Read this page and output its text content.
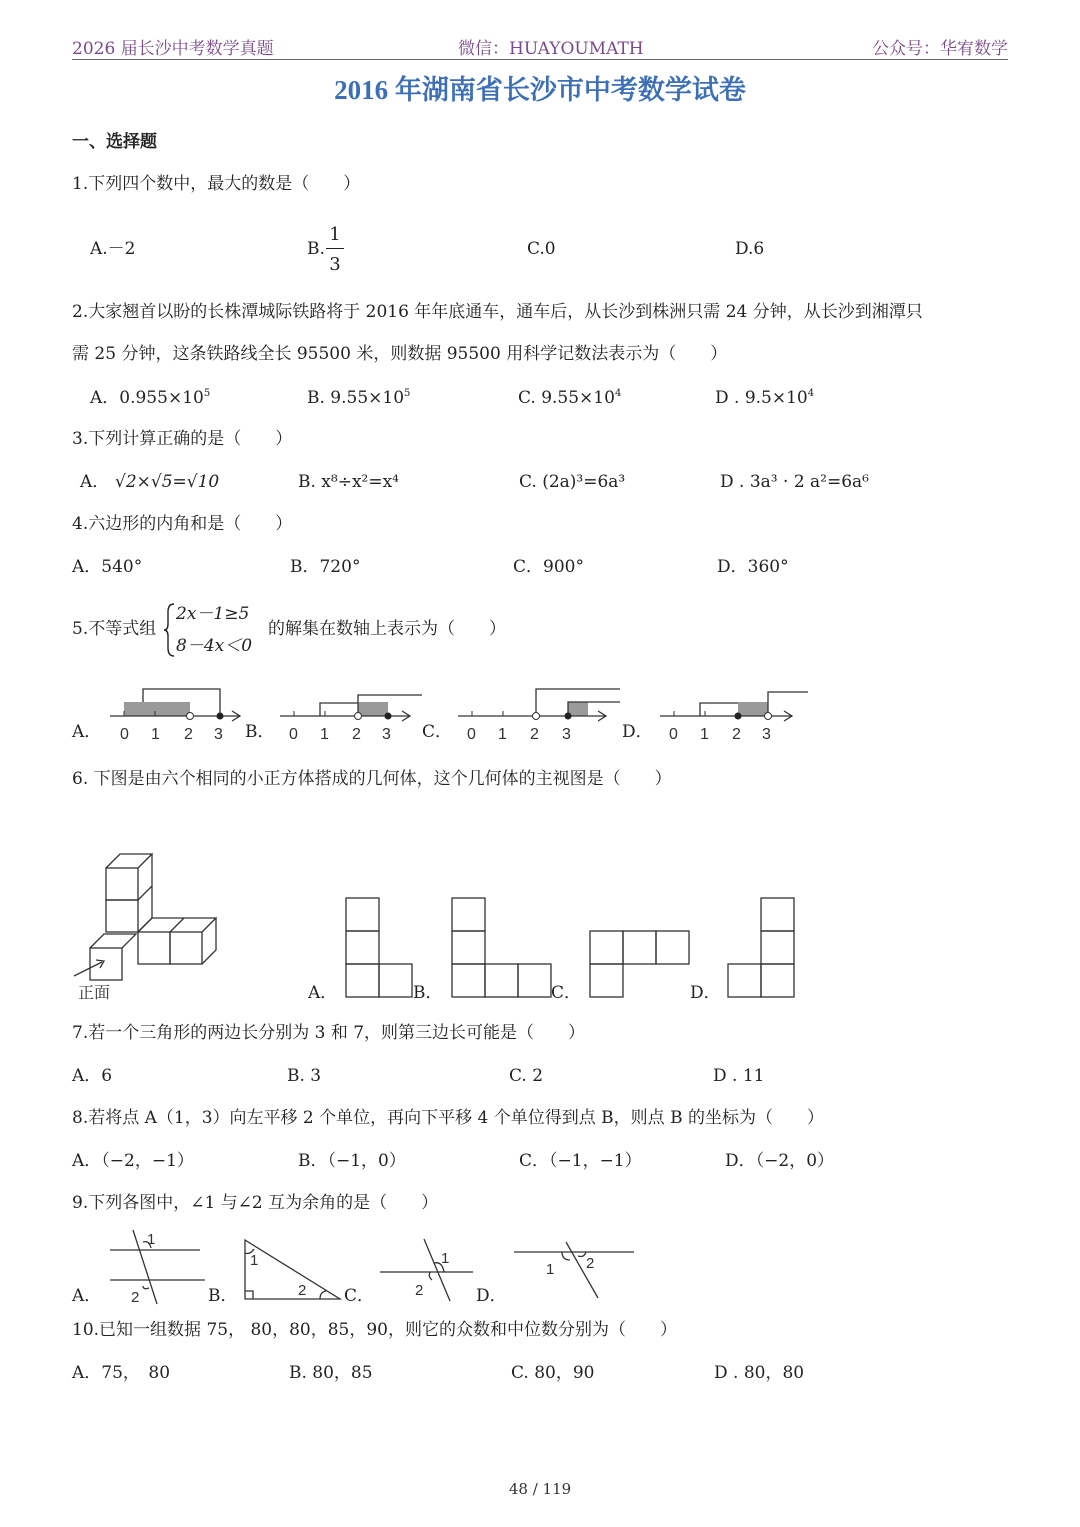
2026 届长沙中考数学真题	微信：HUAYOUMATH	公众号：华宥数学
2016 年湖南省长沙市中考数学试卷
一、选择题
1.下列四个数中，最大的数是（　　）
A.－2	B.
1
3
C.0	D.6
2.大家翘首以盼的长株潭城际铁路将于 2016 年年底通车，通车后，从长沙到株洲只需 24 分钟，从长沙到湘潭只
需 25 分钟，这条铁路线全长 95500 米，则数据 95500 用科学记数法表示为（　　）
A．$0.955\times 10^5$	B. $9.55\times 10^5$	C. $9.55\times 10^4$	D . $9.5\times 10^4$
3.下列计算正确的是（　　）
A． √2×√5=√10	B. x⁸÷x²=x⁴	C. (2a)³=6a³	D . 3a³ · 2 a²=6a⁶
4.六边形的内角和是（　　）
A．540°	B．720°	C．900°	D．360°
5.不等式组
2x－1≥5
8－4x＜0
的解集在数轴上表示为（　　）
A．	B．	C．	D．
0 1 2 3	0 1 2 3	0 1 2 3	0 1 2 3
6. 下图是由六个相同的小正方体搭成的几何体，这个几何体的主视图是（　　）
正面	A．	B．	C．	D．
7.若一个三角形的两边长分别为 3 和 7，则第三边长可能是（　　）
A．6	B. 3	C. 2	D . 11
8.若将点 A（1，3）向左平移 2 个单位，再向下平移 4 个单位得到点 B，则点 B 的坐标为（　　）
A．（−2，−1）	B．（−1，0）	C．（−1，−1）	D．（−2，0）
9.下列各图中，∠1 与∠2 互为余角的是（　　）
1
2
A．
1
2
B．
1
2
C．
1 2
D．
10.已知一组数据 75， 80，80，85，90，则它的众数和中位数分别为（　　）
A．75，　80	B. 80，85	C. 80，90	D . 80，80
48 / 119
